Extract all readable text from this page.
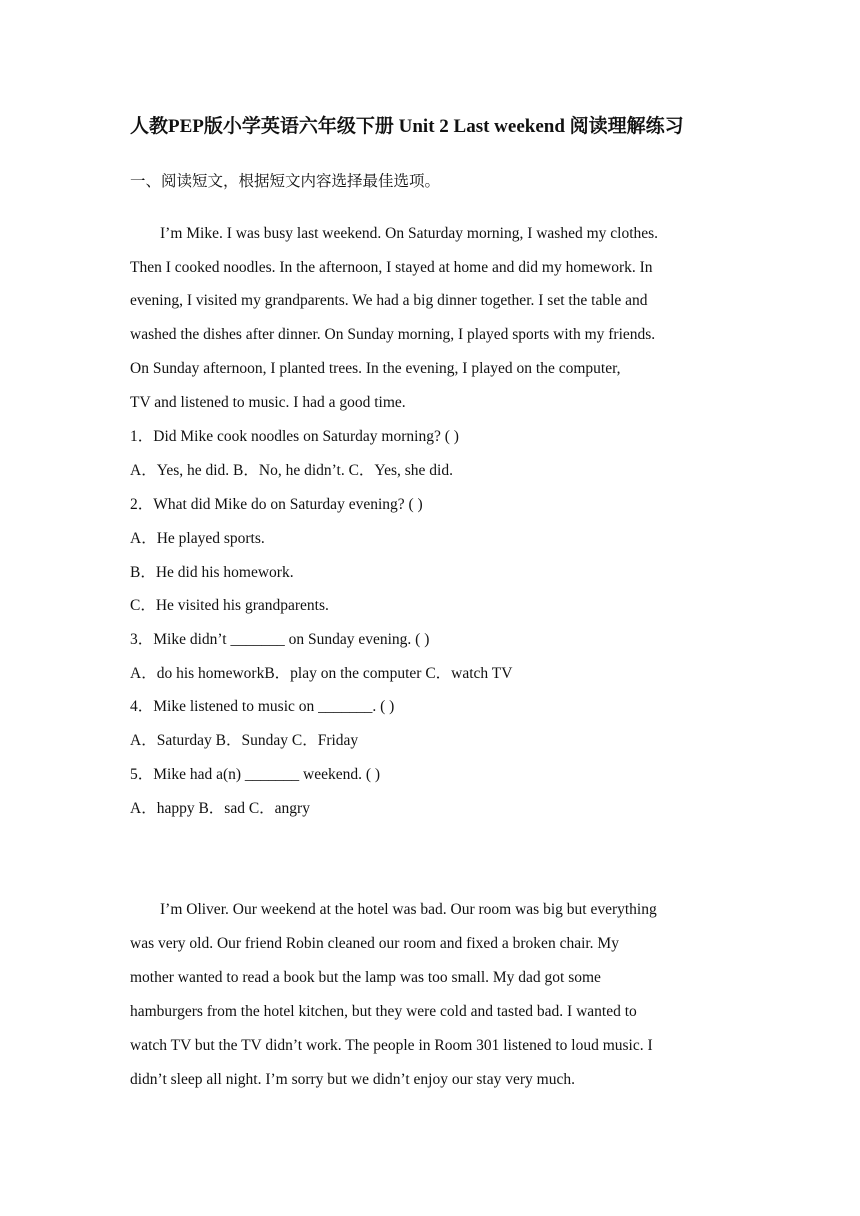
人教PEP版小学英语六年级下册 Unit 2 Last weekend 阅读理解练习
一、阅读短文，根据短文内容选择最佳选项。
I’m Mike. I was busy last weekend. On Saturday morning, I washed my clothes.
Then I cooked noodles. In the afternoon, I stayed at home and did my homework. In
evening, I visited my grandparents. We had a big dinner together. I set the table and
washed the dishes after dinner. On Sunday morning, I played sports with my friends.
On Sunday afternoon, I planted trees. In the evening, I played on the computer,
TV and listened to music. I had a good time.
1．Did Mike cook noodles on Saturday morning? ( )
A．Yes, he did. B．No, he didn’t. C．Yes, she did.
2．What did Mike do on Saturday evening? ( )
A．He played sports.
B．He did his homework.
C．He visited his grandparents.
3．Mike didn’t _______ on Sunday evening. ( )
A．do his homeworkB．play on the computer C．watch TV
4．Mike listened to music on _______. ( )
A．Saturday B．Sunday C．Friday
5．Mike had a(n) _______ weekend. ( )
A．happy B．sad C．angry
I’m Oliver. Our weekend at the hotel was bad. Our room was big but everything
was very old. Our friend Robin cleaned our room and fixed a broken chair. My
mother wanted to read a book but the lamp was too small. My dad got some
hamburgers from the hotel kitchen, but they were cold and tasted bad. I wanted to
watch TV but the TV didn’t work. The people in Room 301 listened to loud music. I
didn’t sleep all night. I’m sorry but we didn’t enjoy our stay very much.
